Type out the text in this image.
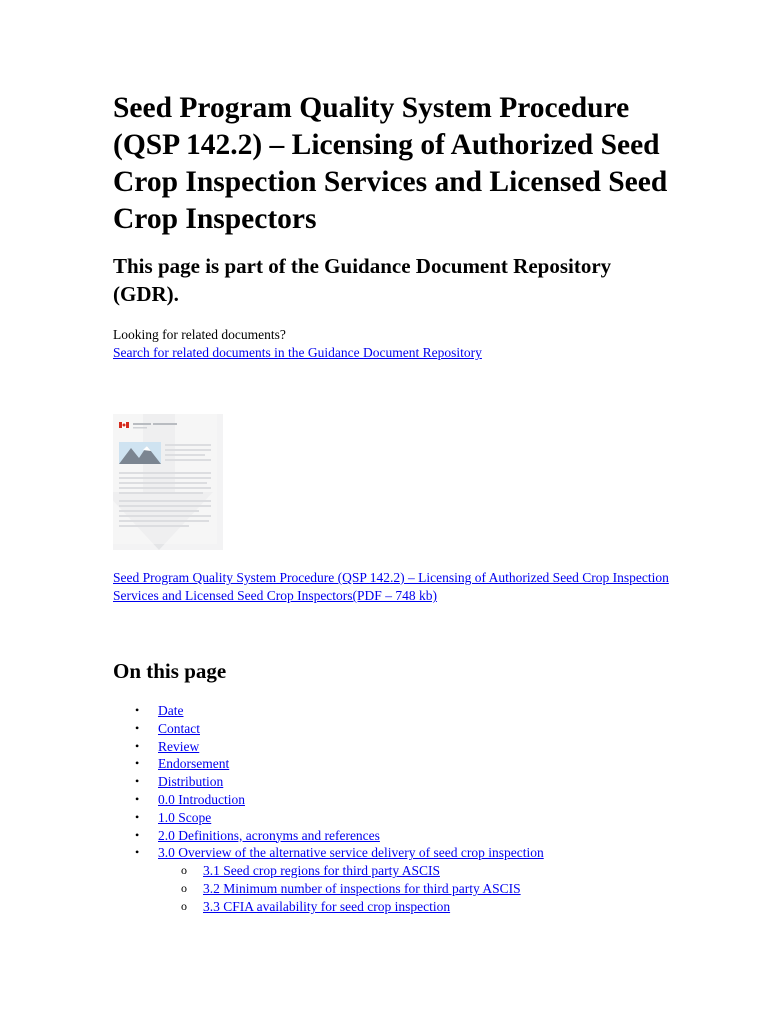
Seed Program Quality System Procedure (QSP 142.2) – Licensing of Authorized Seed Crop Inspection Services and Licensed Seed Crop Inspectors
This page is part of the Guidance Document Repository (GDR).
Looking for related documents?
Search for related documents in the Guidance Document Repository
Seed Program Quality System Procedure (QSP 142.2) – Licensing of Authorized Seed Crop Inspection Services and Licensed Seed Crop Inspectors(PDF – 748 kb)
On this page
• Date
• Contact
• Review
• Endorsement
• Distribution
• 0.0 Introduction
• 1.0 Scope
• 2.0 Definitions, acronyms and references
• 3.0 Overview of the alternative service delivery of seed crop inspection
o 3.1 Seed crop regions for third party ASCIS
o 3.2 Minimum number of inspections for third party ASCIS
o 3.3 CFIA availability for seed crop inspection
